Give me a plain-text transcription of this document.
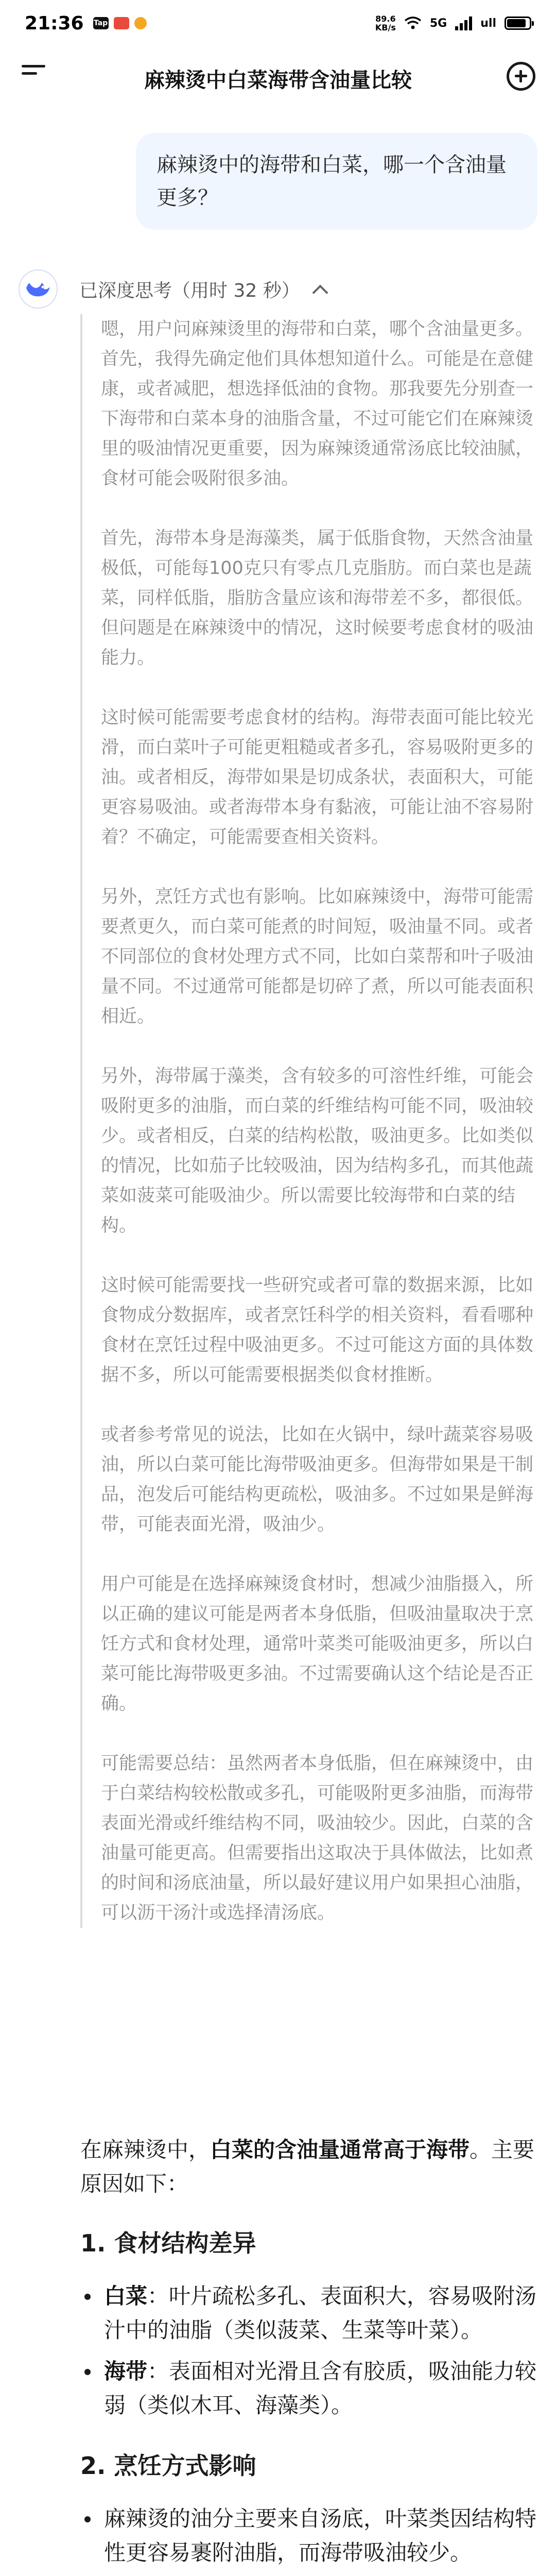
21:36 Tap	89.6
KB/s	5G	ull
麻辣烫中白菜海带含油量比较
麻辣烫中的海带和白菜，哪一个含油量更多？
已深度思考（用时 32 秒）

嗯，用户问麻辣烫里的海带和白菜，哪个含油量更多。首先，我得先确定他们具体想知道什么。可能是在意健康，或者减肥，想选择低油的食物。那我要先分别查一下海带和白菜本身的油脂含量，不过可能它们在麻辣烫里的吸油情况更重要，因为麻辣烫通常汤底比较油腻，食材可能会吸附很多油。

首先，海带本身是海藻类，属于低脂食物，天然含油量极低，可能每100克只有零点几克脂肪。而白菜也是蔬菜，同样低脂，脂肪含量应该和海带差不多，都很低。但问题是在麻辣烫中的情况，这时候要考虑食材的吸油能力。

这时候可能需要考虑食材的结构。海带表面可能比较光滑，而白菜叶子可能更粗糙或者多孔，容易吸附更多的油。或者相反，海带如果是切成条状，表面积大，可能更容易吸油。或者海带本身有黏液，可能让油不容易附着？不确定，可能需要查相关资料。

另外，烹饪方式也有影响。比如麻辣烫中，海带可能需要煮更久，而白菜可能煮的时间短，吸油量不同。或者不同部位的食材处理方式不同，比如白菜帮和叶子吸油量不同。不过通常可能都是切碎了煮，所以可能表面积相近。

另外，海带属于藻类，含有较多的可溶性纤维，可能会吸附更多的油脂，而白菜的纤维结构可能不同，吸油较少。或者相反，白菜的结构松散，吸油更多。比如类似的情况，比如茄子比较吸油，因为结构多孔，而其他蔬菜如菠菜可能吸油少。所以需要比较海带和白菜的结构。

这时候可能需要找一些研究或者可靠的数据来源，比如食物成分数据库，或者烹饪科学的相关资料，看看哪种食材在烹饪过程中吸油更多。不过可能这方面的具体数据不多，所以可能需要根据类似食材推断。

或者参考常见的说法，比如在火锅中，绿叶蔬菜容易吸油，所以白菜可能比海带吸油更多。但海带如果是干制品，泡发后可能结构更疏松，吸油多。不过如果是鲜海带，可能表面光滑，吸油少。

用户可能是在选择麻辣烫食材时，想减少油脂摄入，所以正确的建议可能是两者本身低脂，但吸油量取决于烹饪方式和食材处理，通常叶菜类可能吸油更多，所以白菜可能比海带吸更多油。不过需要确认这个结论是否正确。

可能需要总结：虽然两者本身低脂，但在麻辣烫中，由于白菜结构较松散或多孔，可能吸附更多油脂，而海带表面光滑或纤维结构不同，吸油较少。因此，白菜的含油量可能更高。但需要指出这取决于具体做法，比如煮的时间和汤底油量，所以最好建议用户如果担心油脂，可以沥干汤汁或选择清汤底。

在麻辣烫中，白菜的含油量通常高于海带。主要原因如下：

1. 食材结构差异
白菜：叶片疏松多孔、表面积大，容易吸附汤汁中的油脂（类似菠菜、生菜等叶菜）。
海带：表面相对光滑且含有胶质，吸油能力较弱（类似木耳、海藻类）。
2. 烹饪方式影响
麻辣烫的油分主要来自汤底，叶菜类因结构特性更容易裹附油脂，而海带吸油较少。
